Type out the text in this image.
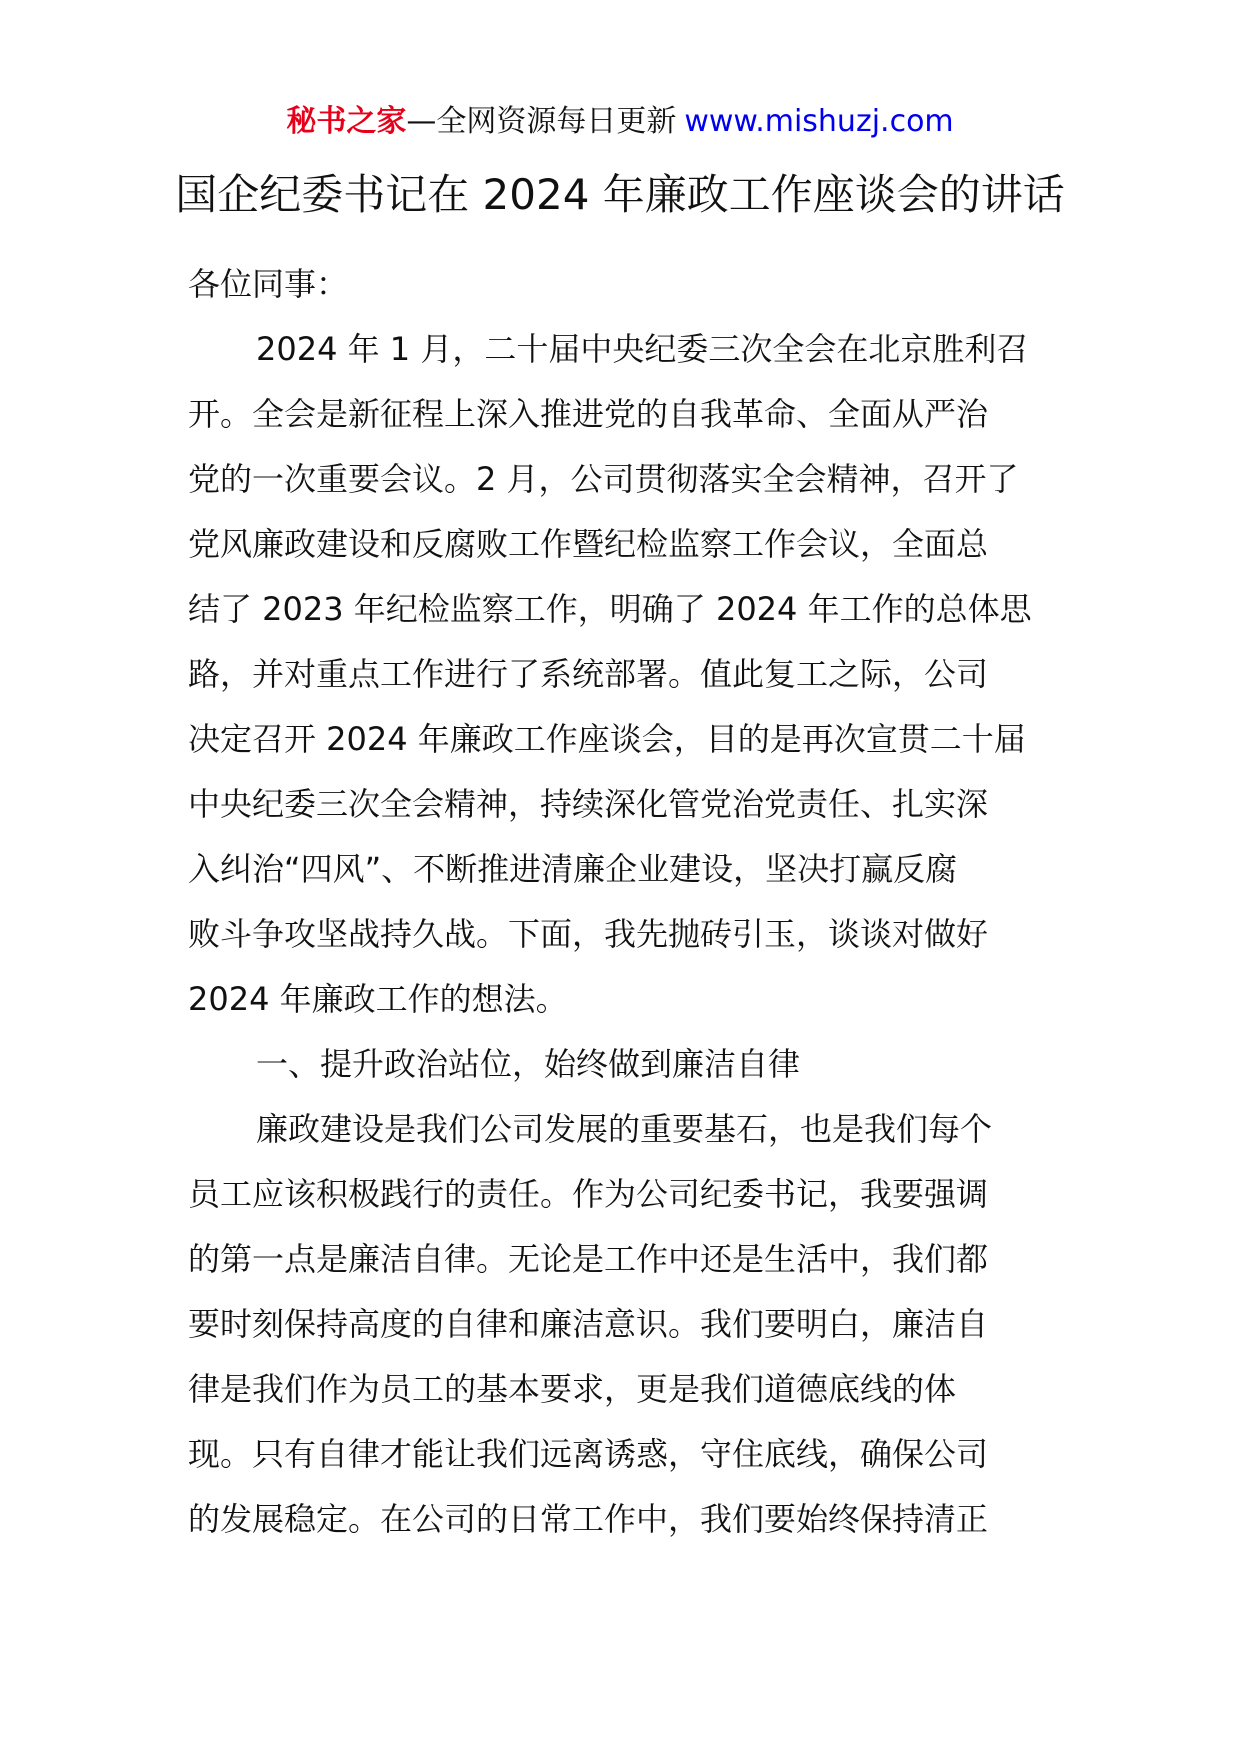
秘书之家—全网资源每日更新 www.mishuzj.com
国企纪委书记在 2024 年廉政工作座谈会的讲话
各位同事：
2024 年 1 月，二十届中央纪委三次全会在北京胜利召
开。全会是新征程上深入推进党的自我革命、全面从严治
党的一次重要会议。2 月，公司贯彻落实全会精神，召开了
党风廉政建设和反腐败工作暨纪检监察工作会议，全面总
结了 2023 年纪检监察工作，明确了 2024 年工作的总体思
路，并对重点工作进行了系统部署。值此复工之际，公司
决定召开 2024 年廉政工作座谈会，目的是再次宣贯二十届
中央纪委三次全会精神，持续深化管党治党责任、扎实深
入纠治“四风”、不断推进清廉企业建设，坚决打赢反腐
败斗争攻坚战持久战。下面，我先抛砖引玉，谈谈对做好
2024 年廉政工作的想法。
一、提升政治站位，始终做到廉洁自律
廉政建设是我们公司发展的重要基石，也是我们每个
员工应该积极践行的责任。作为公司纪委书记，我要强调
的第一点是廉洁自律。无论是工作中还是生活中，我们都
要时刻保持高度的自律和廉洁意识。我们要明白，廉洁自
律是我们作为员工的基本要求，更是我们道德底线的体
现。只有自律才能让我们远离诱惑，守住底线，确保公司
的发展稳定。在公司的日常工作中，我们要始终保持清正
